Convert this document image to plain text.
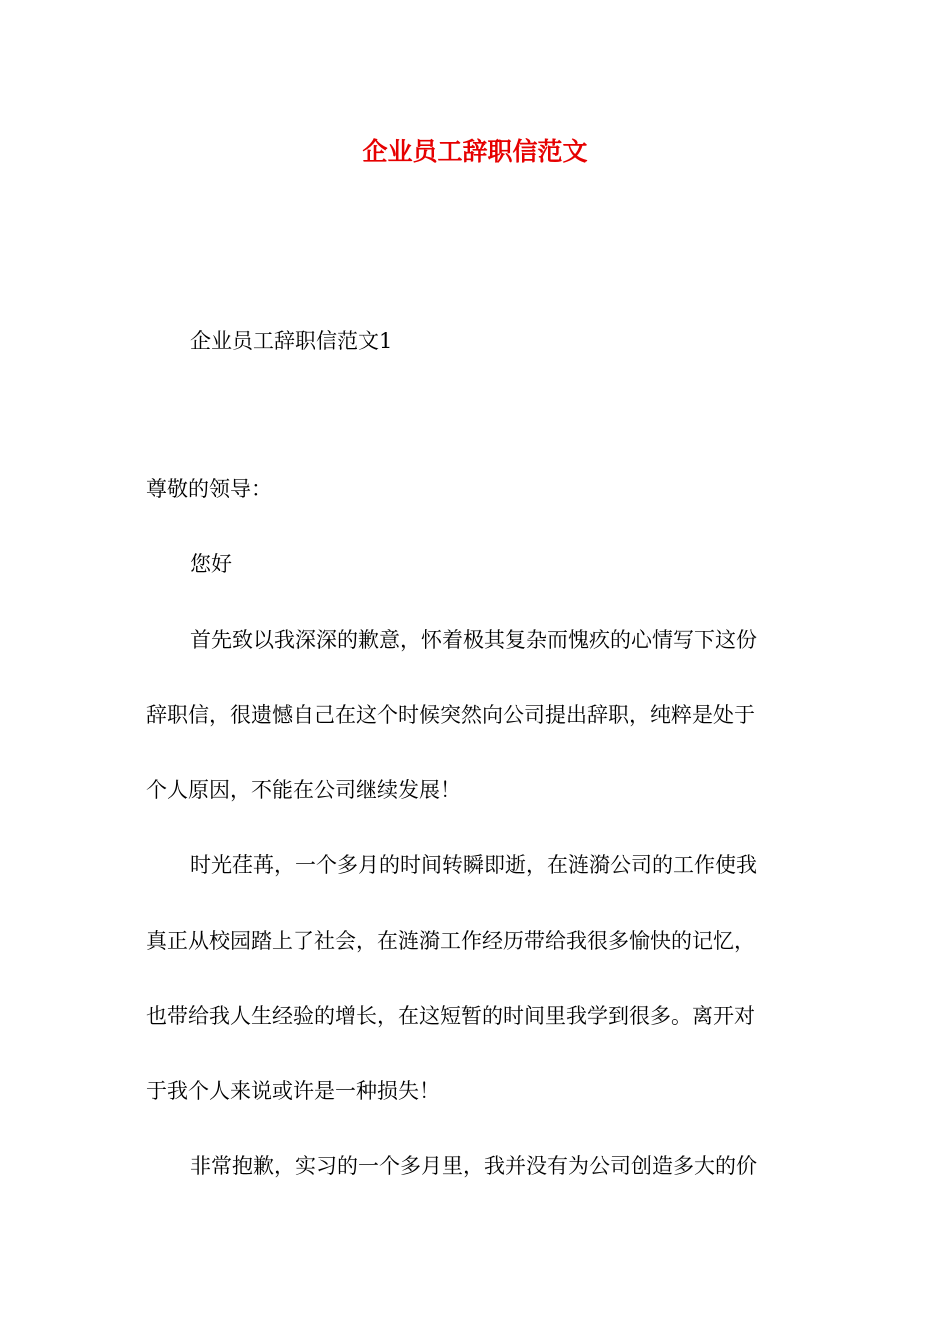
企业员工辞职信范文
企业员工辞职信范文1
尊敬的领导：
您好
首先致以我深深的歉意，怀着极其复杂而愧疚的心情写下这份
辞职信，很遗憾自己在这个时候突然向公司提出辞职，纯粹是处于
个人原因，不能在公司继续发展！
时光荏苒，一个多月的时间转瞬即逝，在涟漪公司的工作使我
真正从校园踏上了社会，在涟漪工作经历带给我很多愉快的记忆，
也带给我人生经验的增长，在这短暂的时间里我学到很多。离开对
于我个人来说或许是一种损失！
非常抱歉，实习的一个多月里，我并没有为公司创造多大的价
